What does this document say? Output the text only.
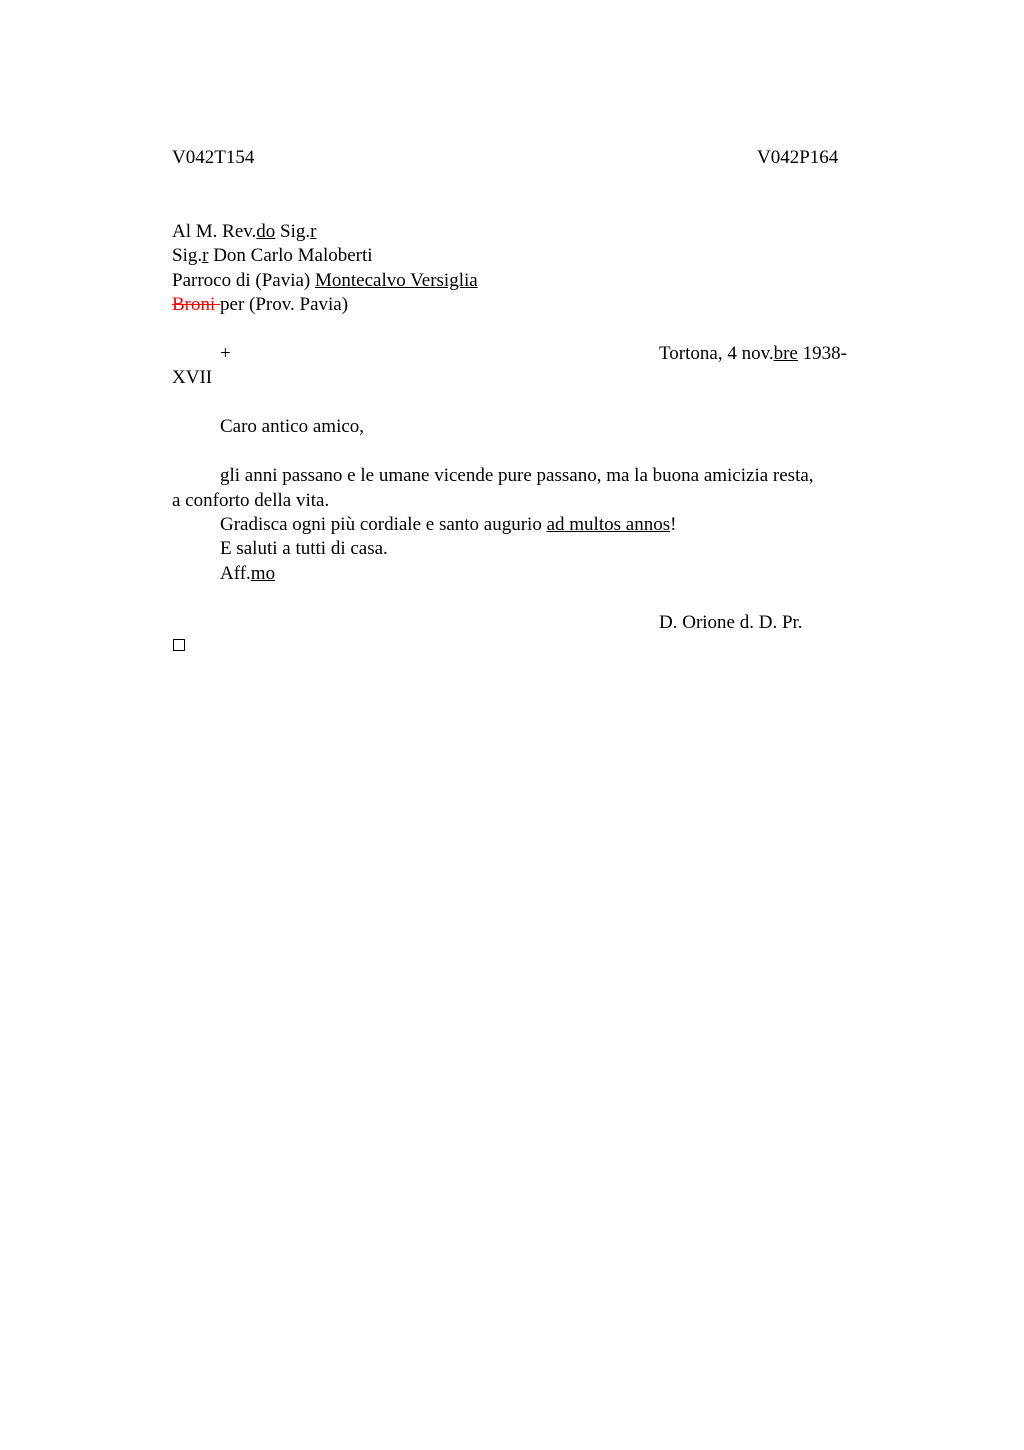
V042T154	V042P164
Al M. Rev.do Sig.r
Sig.r Don Carlo Maloberti
Parroco di (Pavia) Montecalvo Versiglia
Broni per (Prov. Pavia)
+	Tortona, 4 nov.bre 1938-
XVII
Caro antico amico,
gli anni passano e le umane vicende pure passano, ma la buona amicizia resta,
a conforto della vita.
Gradisca ogni più cordiale e santo augurio ad multos annos!
E saluti a tutti di casa.
Aff.mo
D. Orione d. D. Pr.
